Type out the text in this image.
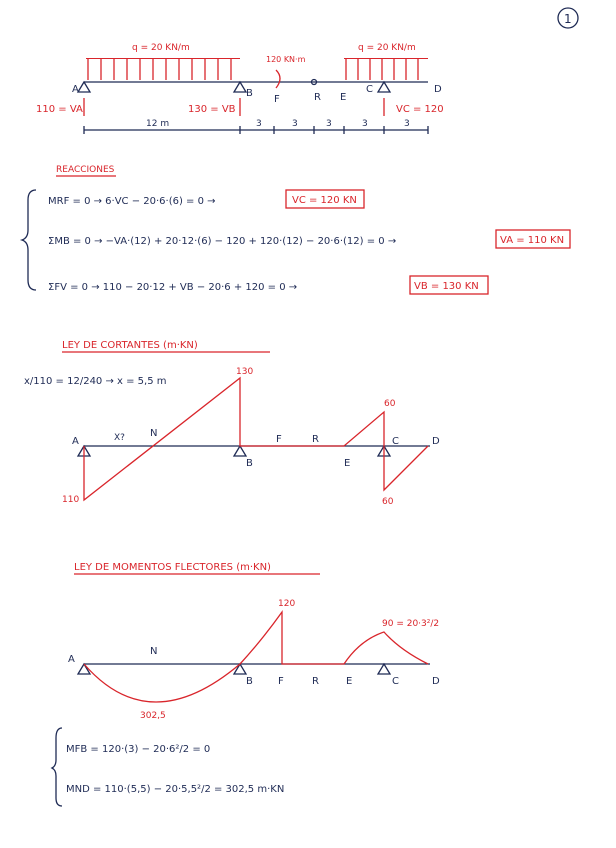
1
q = 20 KN/m	q = 20 KN/m
120 KN·m
A	B
F	R E
C	D
110 = VA	130 = VB	VC = 120
12 m	3	3	3	3	3
REACCIONES
MRF = 0 → 6·VC − 20·6·(6) = 0 →	VC = 120 KN
ΣMB = 0 → −VA·(12) + 20·12·(6) − 120 + 120·(12) − 20·6·(12) = 0 →	VA = 110 KN
ΣFV = 0 → 110 − 20·12 + VB − 20·6 + 120 = 0 →	VB = 130 KN
LEY DE CORTANTES (m·KN)
x/110 = 12/240 → x = 5,5 m
A
B
F	R
E
C	D
X?	N
130
110
60
60
LEY DE MOMENTOS FLECTORES (m·KN)
A
B	F	R	E	C	D
N
120
90 = 20·3²/2
302,5
MFB = 120·(3) − 20·6²/2 = 0
MND = 110·(5,5) − 20·5,5²/2 = 302,5 m·KN
